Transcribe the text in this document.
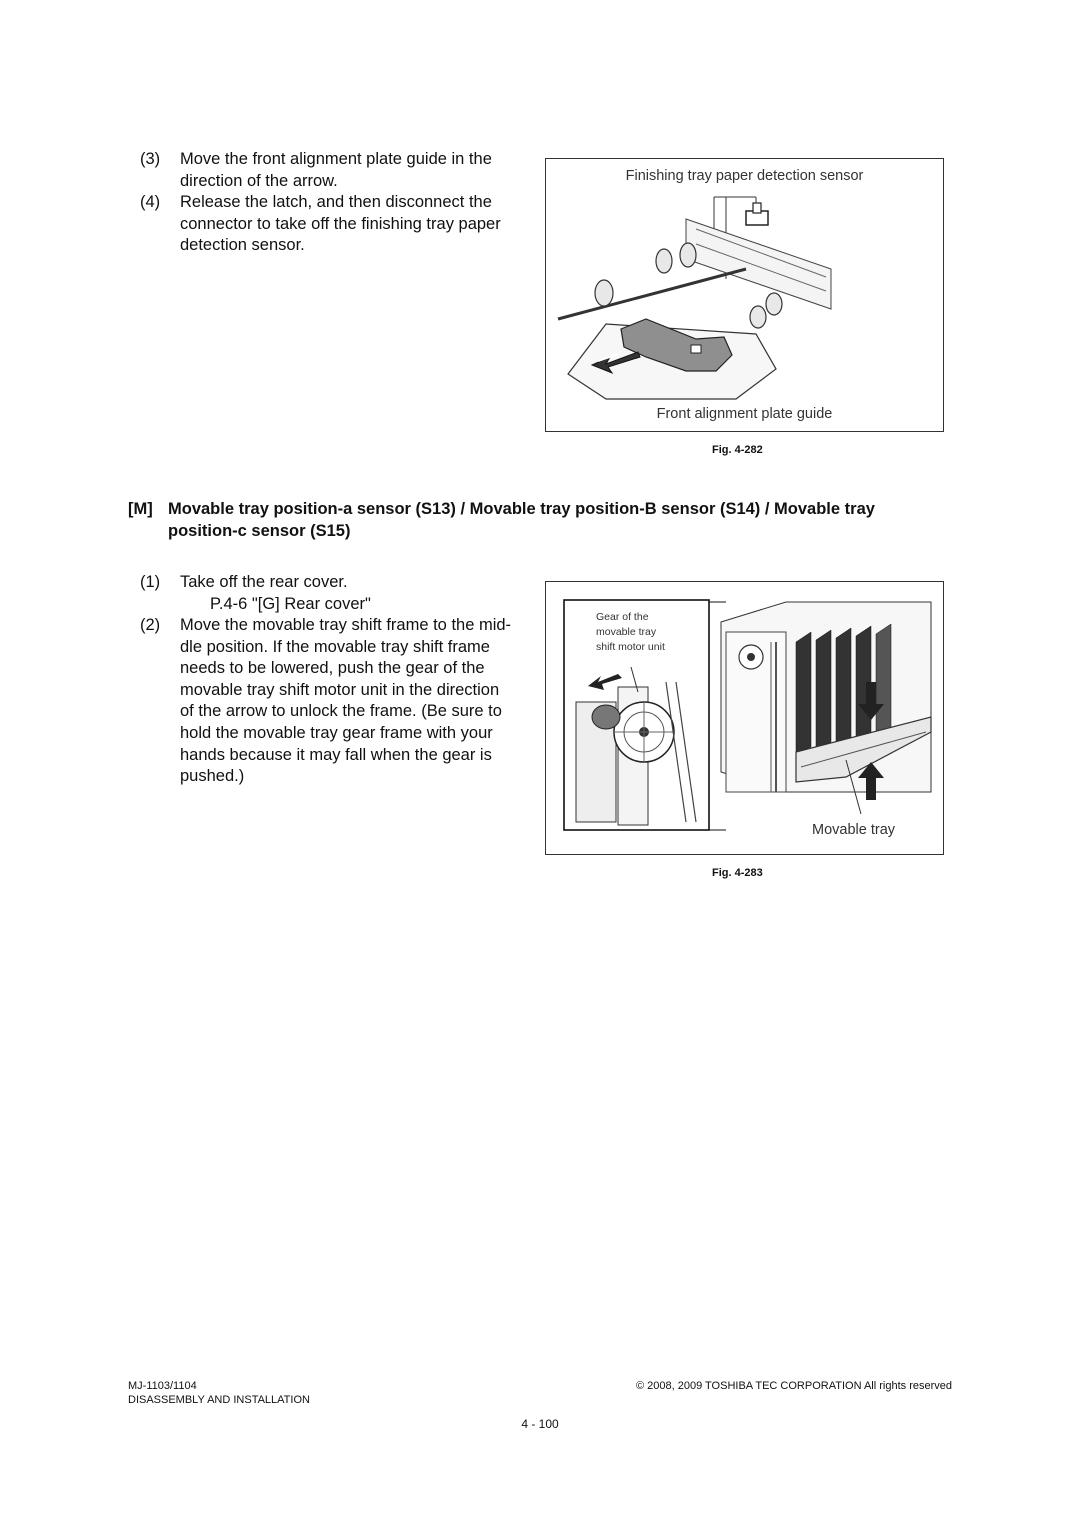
(3) Move the front alignment plate guide in the
direction of the arrow.
(4) Release the latch, and then disconnect the
connector to take off the finishing tray paper
detection sensor.
Finishing tray paper detection sensor
Front alignment plate guide
Fig. 4-282
[M] Movable tray position-a sensor (S13) / Movable tray position-B sensor (S14) / Movable tray
position-c sensor (S15)
(1) Take off the rear cover.
P.4-6 "[G] Rear cover"
(2) Move the movable tray shift frame to the mid-
dle position. If the movable tray shift frame
needs to be lowered, push the gear of the
movable tray shift motor unit in the direction
of the arrow to unlock the frame. (Be sure to
hold the movable tray gear frame with your
hands because it may fall when the gear is
pushed.)
Gear of the
movable tray
shift motor unit
Movable tray
Fig. 4-283
MJ-1103/1104
DISASSEMBLY AND INSTALLATION
© 2008, 2009 TOSHIBA TEC CORPORATION All rights reserved
4 - 100
